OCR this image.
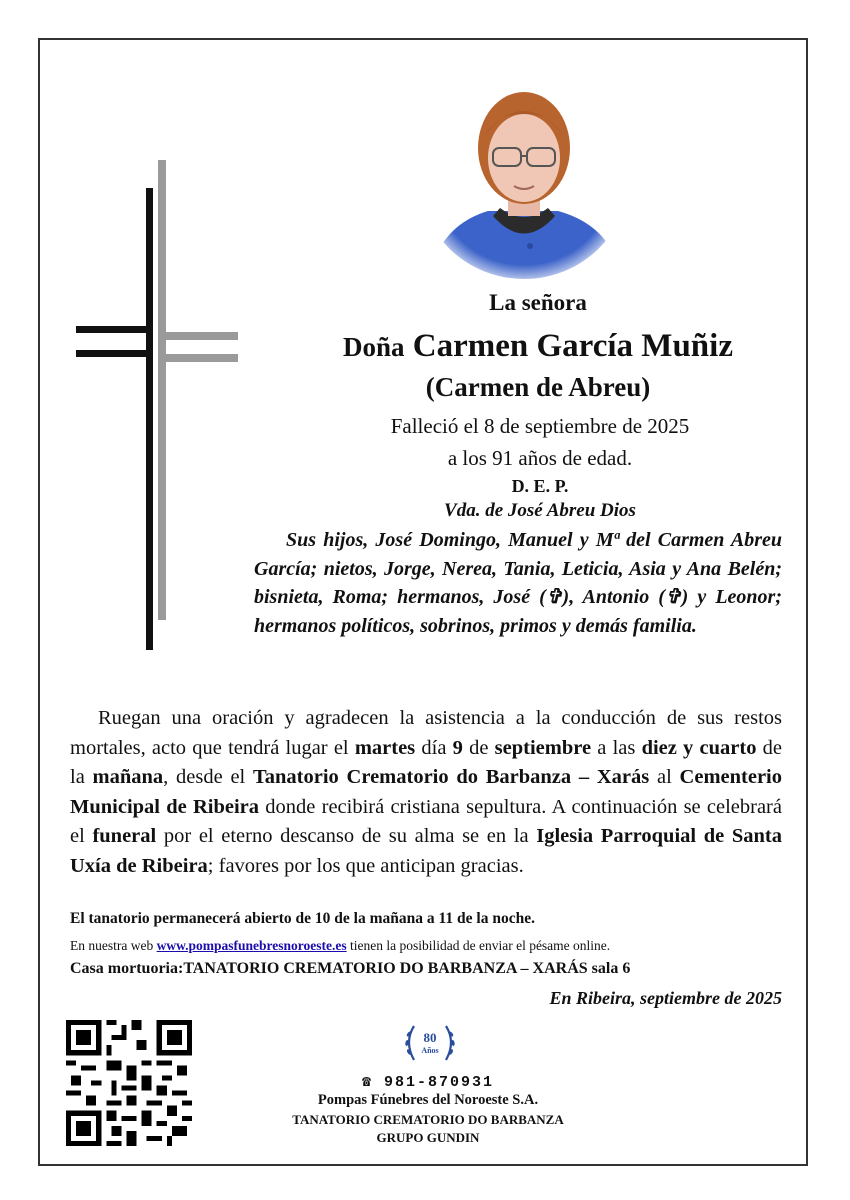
La señora
Doña Carmen García Muñiz
(Carmen de Abreu)
Falleció el 8 de septiembre de 2025
a los 91 años de edad.
D. E. P.
Vda. de José Abreu Dios
Sus hijos, José Domingo, Manuel y Mª del Carmen Abreu García; nietos, Jorge, Nerea, Tania, Leticia, Asia y Ana Belén; bisnieta, Roma; hermanos, José (✞), Antonio (✞) y Leonor; hermanos políticos, sobrinos, primos y demás familia.
Ruegan una oración y agradecen la asistencia a la conducción de sus restos mortales, acto que tendrá lugar el martes día 9 de septiembre a las diez y cuarto de la mañana, desde el Tanatorio Crematorio do Barbanza – Xarás al Cementerio Municipal de Ribeira donde recibirá cristiana sepultura. A continuación se celebrará el funeral por el eterno descanso de su alma se en la Iglesia Parroquial de Santa Uxía de Ribeira; favores por los que anticipan gracias.
El tanatorio permanecerá abierto de 10 de la mañana a 11 de la noche.
En nuestra web www.pompasfunebresnoroeste.es tienen la posibilidad de enviar el pésame online.
Casa mortuoria:TANATORIO CREMATORIO DO BARBANZA – XARÁS sala 6
En Ribeira, septiembre de 2025
80
Años
☎ 981-870931
Pompas Fúnebres del Noroeste S.A.
TANATORIO CREMATORIO DO BARBANZA
GRUPO GUNDIN
